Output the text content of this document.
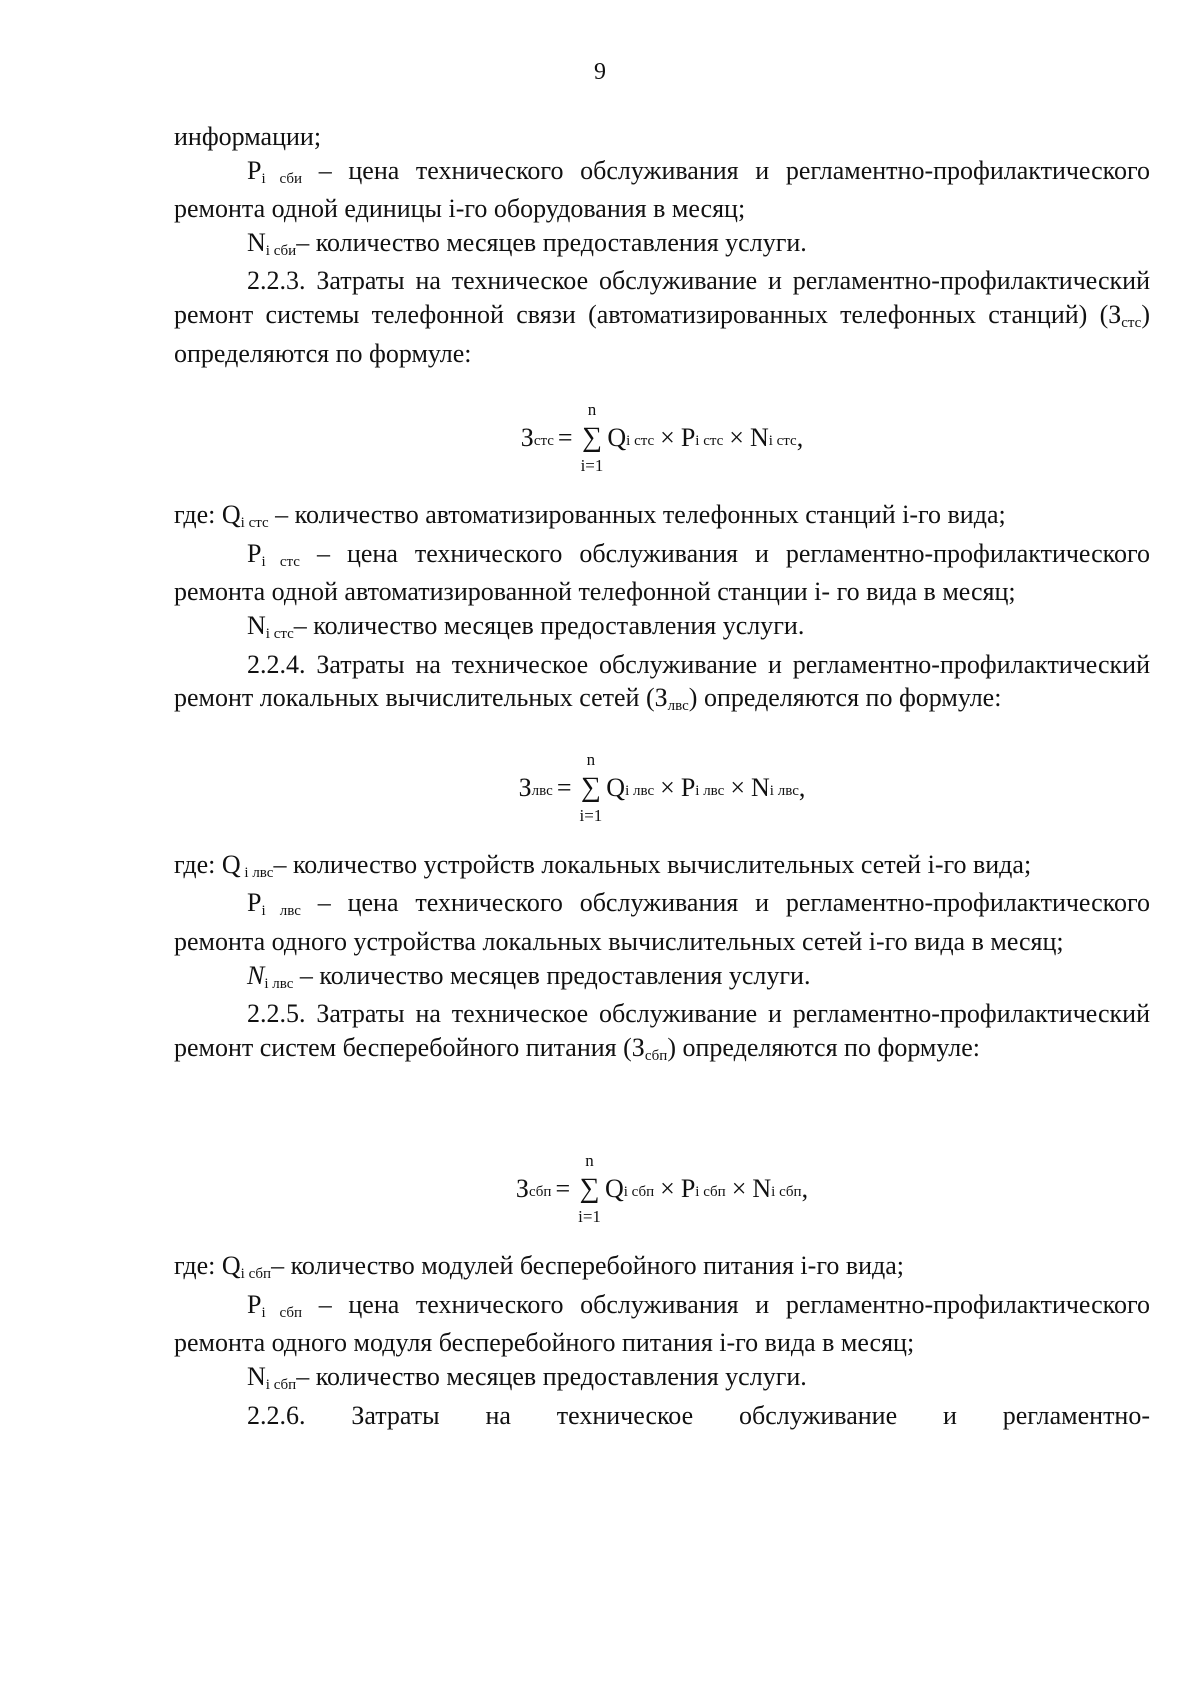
9

информации;

$P_{i сби}$ – цена технического обслуживания и регламентно-профилактического ремонта одной единицы i-го оборудования в месяц;

$N_{i сби}-$ количество месяцев предоставления услуги.

2.2.3. Затраты на техническое обслуживание и регламентно-профилактический ремонт системы телефонной связи (автоматизированных телефонных станций) $(З_{стс})$ определяются по формуле:

$З_{стс}$ =
n
∑
i=1
$Q_{i стс} \times P_{i стс} \times N_{i стс}$ ,

где: $Q_{i стс}$ – количество автоматизированных телефонных станций i-го вида;

$P_{i стс}$ – цена технического обслуживания и регламентно-профилактического ремонта одной автоматизированной телефонной станции i- го вида в месяц;

$N_{i стс}-$ количество месяцев предоставления услуги.

2.2.4. Затраты на техническое обслуживание и регламентно-профилактический ремонт локальных вычислительных сетей $(З_{лвс})$ определяются по формуле:

$З_{лвс}$ =
n
∑
i=1
$Q_{i лвс} \times P_{i лвс} \times N_{i лвс}$ ,

где: Q $_{i лвс}$– количество устройств локальных вычислительных сетей i-го вида;

$P_{i лвс}$ – цена технического обслуживания и регламентно-профилактического ремонта одного устройства локальных вычислительных сетей i-го вида в месяц;

$N_{i лвс}$ – количество месяцев предоставления услуги.

2.2.5. Затраты на техническое обслуживание и регламентно-профилактический ремонт систем бесперебойного питания $(З_{сбп})$ определяются по формуле:

$З_{сбп}$ =
n
∑
i=1
$Q_{i сбп} \times P_{i сбп} \times N_{i сбп}$ ,

где: $Q_{i сбп}-$ количество модулей бесперебойного питания i-го вида;

$P_{i сбп}$ – цена технического обслуживания и регламентно-профилактического ремонта одного модуля бесперебойного питания i-го вида в месяц;

$N_{i сбп}-$ количество месяцев предоставления услуги.

2.2.6. Затраты на техническое обслуживание и регламентно-
